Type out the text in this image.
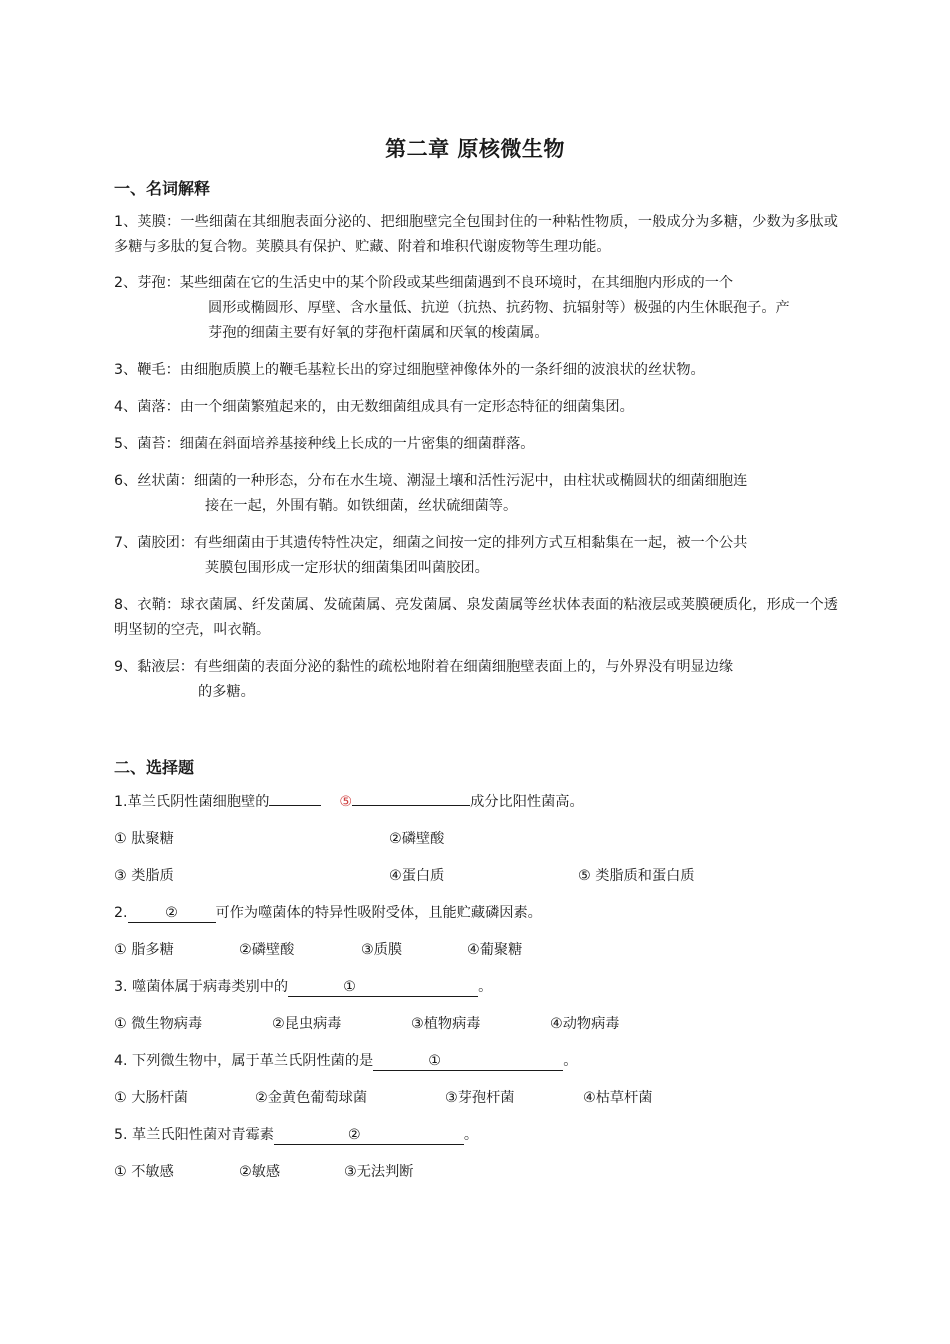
第二章 原核微生物
一、名词解释
1、荚膜：一些细菌在其细胞表面分泌的、把细胞壁完全包围封住的一种粘性物质，一般成分为多糖，少数为多肽或多糖与多肽的复合物。荚膜具有保护、贮藏、附着和堆积代谢废物等生理功能。
2、芽孢：某些细菌在它的生活史中的某个阶段或某些细菌遇到不良环境时，在其细胞内形成的一个
圆形或椭圆形、厚壁、含水量低、抗逆（抗热、抗药物、抗辐射等）极强的内生休眠孢子。产
芽孢的细菌主要有好氧的芽孢杆菌属和厌氧的梭菌属。
3、鞭毛：由细胞质膜上的鞭毛基粒长出的穿过细胞壁神像体外的一条纤细的波浪状的丝状物。
4、菌落：由一个细菌繁殖起来的，由无数细菌组成具有一定形态特征的细菌集团。
5、菌苔：细菌在斜面培养基接种线上长成的一片密集的细菌群落。
6、丝状菌：细菌的一种形态，分布在水生境、潮湿土壤和活性污泥中，由柱状或椭圆状的细菌细胞连
接在一起，外围有鞘。如铁细菌，丝状硫细菌等。
7、菌胶团：有些细菌由于其遗传特性决定，细菌之间按一定的排列方式互相黏集在一起，被一个公共
荚膜包围形成一定形状的细菌集团叫菌胶团。
8、衣鞘：球衣菌属、纤发菌属、发硫菌属、亮发菌属、泉发菌属等丝状体表面的粘液层或荚膜硬质化，形成一个透明坚韧的空壳，叫衣鞘。
9、黏液层：有些细菌的表面分泌的黏性的疏松地附着在细菌细胞壁表面上的，与外界没有明显边缘
的多糖。
二、选择题
1.革兰氏阴性菌细胞壁的	⑤	成分比阳性菌高。
① 肽聚糖	②磷壁酸
③ 类脂质	④蛋白质	⑤ 类脂质和蛋白质
2.	②	可作为噬菌体的特异性吸附受体，且能贮藏磷因素。
① 脂多糖	②磷壁酸	③质膜	④葡聚糖
3. 噬菌体属于病毒类别中的	①	。
① 微生物病毒	②昆虫病毒	③植物病毒	④动物病毒
4. 下列微生物中，属于革兰氏阴性菌的是	①	。
① 大肠杆菌	②金黄色葡萄球菌	③芽孢杆菌	④枯草杆菌
5. 革兰氏阳性菌对青霉素	②	。
① 不敏感	②敏感	③无法判断
